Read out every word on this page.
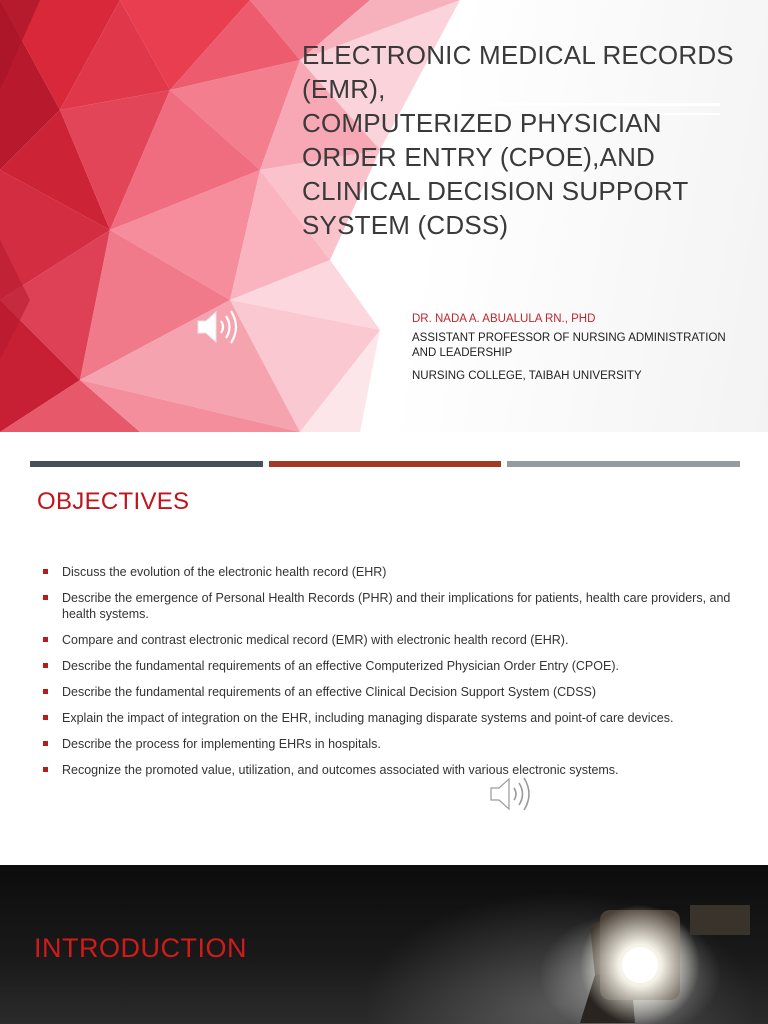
ELECTRONIC MEDICAL RECORDS
(EMR),
COMPUTERIZED PHYSICIAN
ORDER ENTRY (CPOE),AND
CLINICAL DECISION SUPPORT
SYSTEM (CDSS)
DR. NADA A. ABUALULA RN., PHD
ASSISTANT PROFESSOR OF NURSING ADMINISTRATION AND LEADERSHIP
NURSING COLLEGE, TAIBAH UNIVERSITY
OBJECTIVES
Discuss the evolution of the electronic health record (EHR)
Describe the emergence of Personal Health Records (PHR) and their implications for patients, health care providers, and health systems.
Compare and contrast electronic medical record (EMR) with electronic health record (EHR).
Describe the fundamental requirements of an effective Computerized Physician Order Entry (CPOE).
Describe the fundamental requirements of an effective Clinical Decision Support System (CDSS)
Explain the impact of integration on the EHR, including managing disparate systems and point-of care devices.
Describe the process for implementing EHRs in hospitals.
Recognize the promoted value, utilization, and outcomes associated with various electronic systems.
INTRODUCTION
